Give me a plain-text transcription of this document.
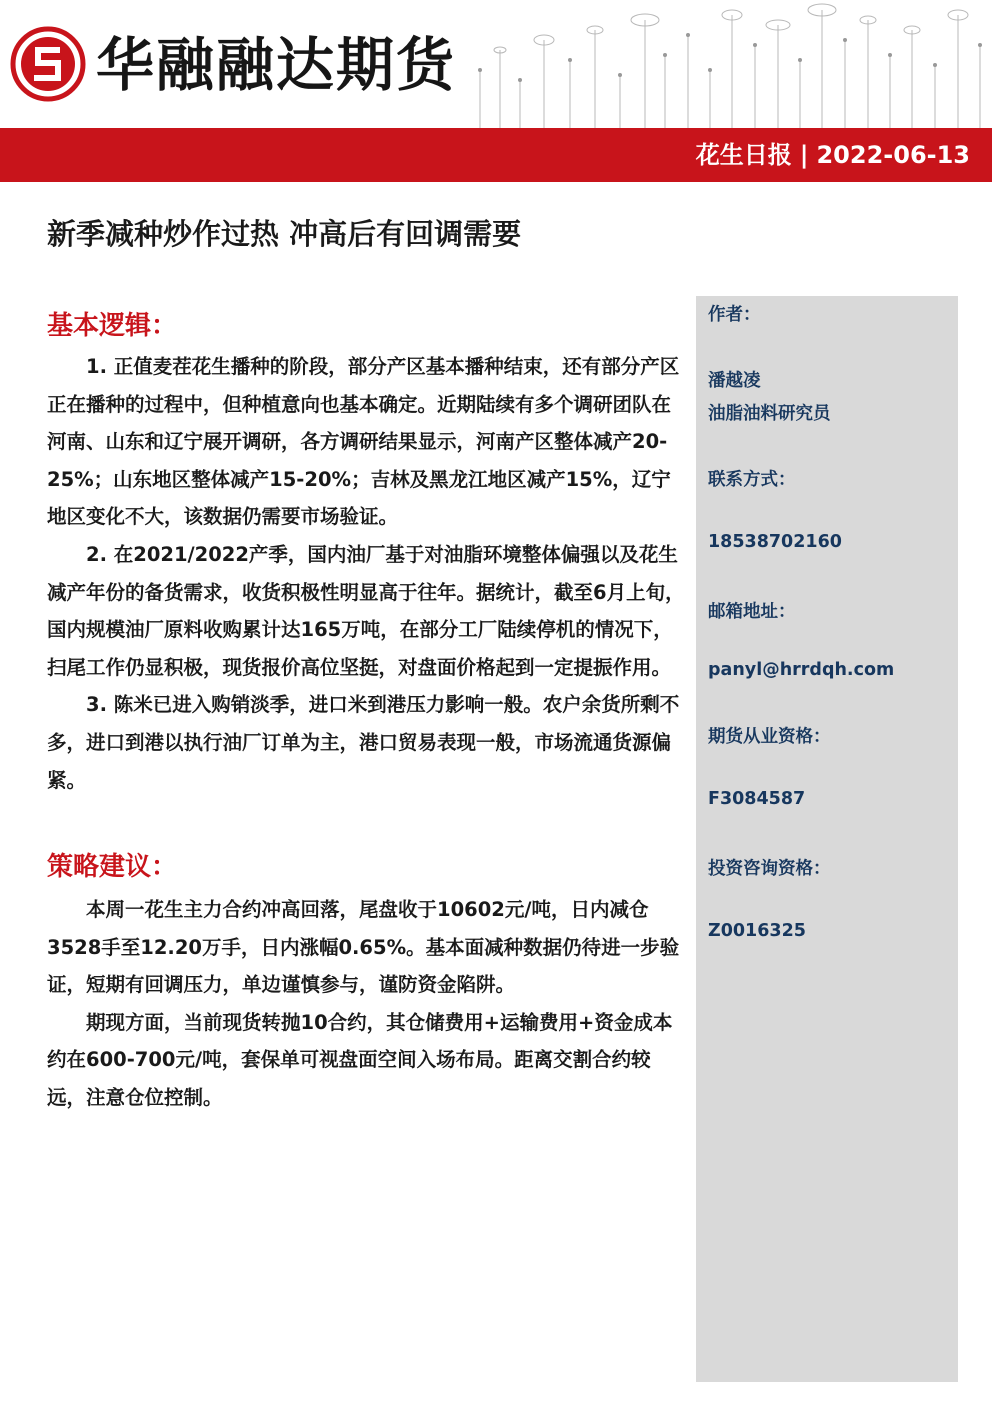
华融融达期货
花生日报 | 2022-06-13
新季减种炒作过热 冲高后有回调需要
基本逻辑：

1. 正值麦茬花生播种的阶段，部分产区基本播种结束，还有部分产区正在播种的过程中，但种植意向也基本确定。近期陆续有多个调研团队在河南、山东和辽宁展开调研，各方调研结果显示，河南产区整体减产20-25%；山东地区整体减产15-20%；吉林及黑龙江地区减产15%，辽宁地区变化不大，该数据仍需要市场验证。

2. 在2021/2022产季，国内油厂基于对油脂环境整体偏强以及花生减产年份的备货需求，收货积极性明显高于往年。据统计，截至6月上旬，国内规模油厂原料收购累计达165万吨，在部分工厂陆续停机的情况下，扫尾工作仍显积极，现货报价高位坚挺，对盘面价格起到一定提振作用。

3. 陈米已进入购销淡季，进口米到港压力影响一般。农户余货所剩不多，进口到港以执行油厂订单为主，港口贸易表现一般，市场流通货源偏紧。

策略建议：

本周一花生主力合约冲高回落，尾盘收于10602元/吨，日内减仓3528手至12.20万手，日内涨幅0.65%。基本面减种数据仍待进一步验证，短期有回调压力，单边谨慎参与，谨防资金陷阱。

期现方面，当前现货转抛10合约，其仓储费用+运输费用+资金成本约在600-700元/吨，套保单可视盘面空间入场布局。距离交割合约较远，注意仓位控制。

作者：
潘越凌
油脂油料研究员
联系方式：
18538702160
邮箱地址：
panyl@hrrdqh.com
期货从业资格：
F3084587
投资咨询资格：
Z0016325
